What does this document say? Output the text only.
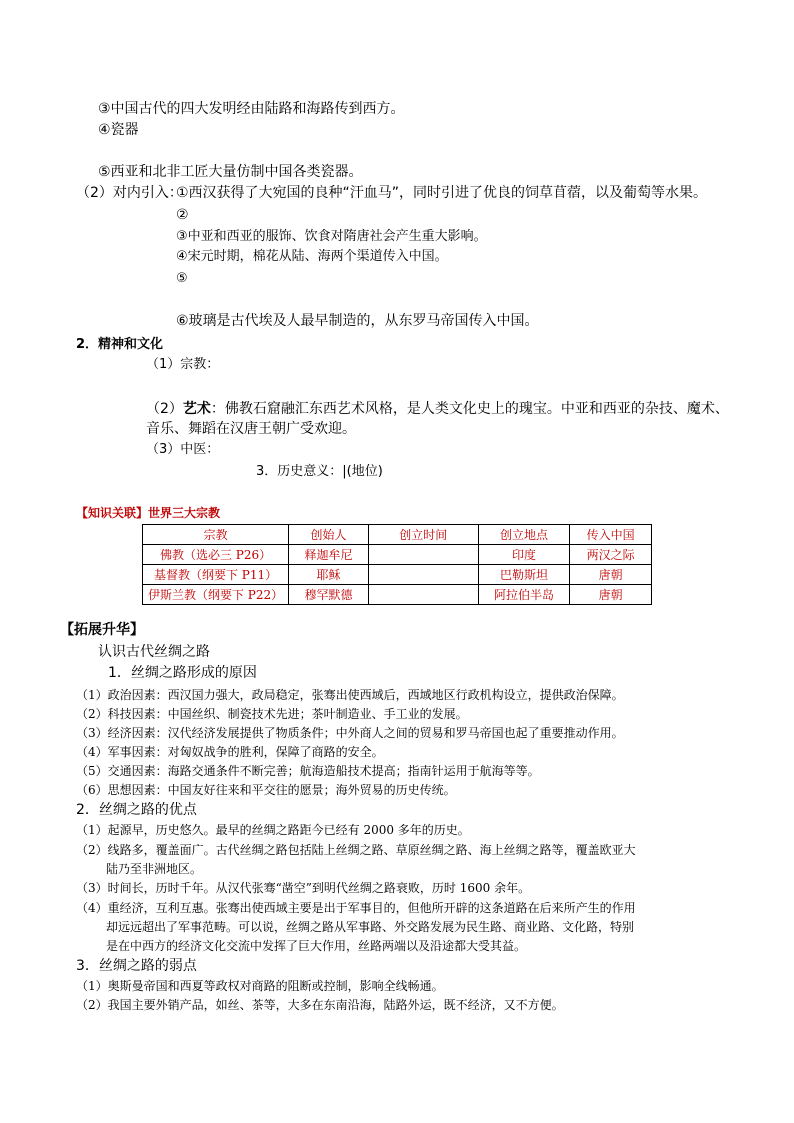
③中国古代的四大发明经由陆路和海路传到西方。
④瓷器
⑤西亚和北非工匠大量仿制中国各类瓷器。
（2）对内引入：
①西汉获得了大宛国的良种“汗血马”，同时引进了优良的饲草苜蓿，以及葡萄等水果。
②
③中亚和西亚的服饰、饮食对隋唐社会产生重大影响。
④宋元时期，棉花从陆、海两个渠道传入中国。
⑤
⑥玻璃是古代埃及人最早制造的，从东罗马帝国传入中国。
2．精神和文化
（1）宗教：
（2）艺术：佛教石窟融汇东西艺术风格，是人类文化史上的瑰宝。中亚和西亚的杂技、魔术、
音乐、舞蹈在汉唐王朝广受欢迎。
（3）中医：
3．历史意义：|(地位)
【知识关联】世界三大宗教
宗教	创始人	创立时间	创立地点	传入中国
佛教（选必三 P26）	释迦牟尼		印度	两汉之际
基督教（纲要下 P11）	耶稣		巴勒斯坦	唐朝
伊斯兰教（纲要下 P22）	穆罕默德		阿拉伯半岛	唐朝
【拓展升华】
认识古代丝绸之路
1．丝绸之路形成的原因
（1）政治因素：西汉国力强大，政局稳定，张骞出使西域后，西域地区行政机构设立，提供政治保障。
（2）科技因素：中国丝织、制瓷技术先进；茶叶制造业、手工业的发展。
（3）经济因素：汉代经济发展提供了物质条件；中外商人之间的贸易和罗马帝国也起了重要推动作用。
（4）军事因素：对匈奴战争的胜利，保障了商路的安全。
（5）交通因素：海路交通条件不断完善；航海造船技术提高；指南针运用于航海等等。
（6）思想因素：中国友好往来和平交往的愿景；海外贸易的历史传统。
2．丝绸之路的优点
（1）起源早，历史悠久。最早的丝绸之路距今已经有 2000 多年的历史。
（2）线路多，覆盖面广。古代丝绸之路包括陆上丝绸之路、草原丝绸之路、海上丝绸之路等，覆盖欧亚大
陆乃至非洲地区。
（3）时间长，历时千年。从汉代张骞“凿空”到明代丝绸之路衰败，历时 1600 余年。
（4）重经济，互利互惠。张骞出使西域主要是出于军事目的，但他所开辟的这条道路在后来所产生的作用
却远远超出了军事范畴。可以说，丝绸之路从军事路、外交路发展为民生路、商业路、文化路，特别
是在中西方的经济文化交流中发挥了巨大作用，丝路两端以及沿途都大受其益。
3．丝绸之路的弱点
（1）奥斯曼帝国和西夏等政权对商路的阻断或控制，影响全线畅通。
（2）我国主要外销产品，如丝、茶等，大多在东南沿海，陆路外运，既不经济，又不方便。
